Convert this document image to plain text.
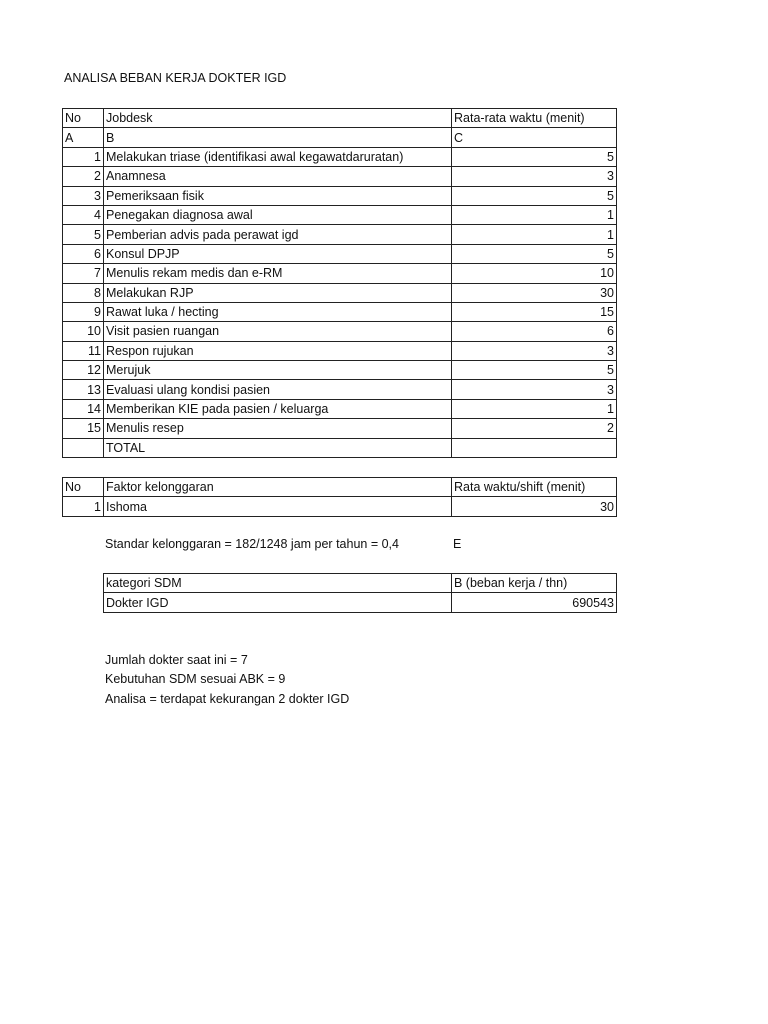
ANALISA BEBAN KERJA DOKTER IGD
No	Jobdesk	Rata-rata waktu (menit)
A	B	C
1	Melakukan triase (identifikasi awal kegawatdaruratan)	5
2	Anamnesa	3
3	Pemeriksaan fisik	5
4	Penegakan diagnosa awal	1
5	Pemberian advis pada perawat igd	1
6	Konsul DPJP	5
7	Menulis rekam medis dan e-RM	10
8	Melakukan RJP	30
9	Rawat luka / hecting	15
10	Visit pasien ruangan	6
11	Respon rujukan	3
12	Merujuk	5
13	Evaluasi ulang kondisi pasien	3
14	Memberikan KIE pada pasien / keluarga	1
15	Menulis resep	2
	TOTAL	
No	Faktor kelonggaran	Rata waktu/shift (menit)
1	Ishoma	30
Standar kelonggaran = 182/1248 jam per tahun = 0,4	E
kategori SDM	B (beban kerja / thn)
Dokter IGD	690543
Jumlah dokter saat ini = 7
Kebutuhan SDM sesuai ABK = 9
Analisa = terdapat kekurangan 2 dokter IGD
